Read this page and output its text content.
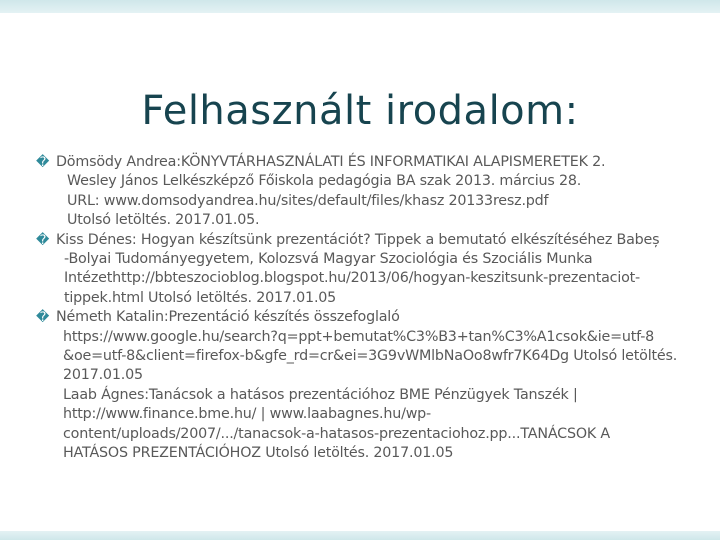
Felhasznált irodalom:
� Dömsödy Andrea:KÖNYVTÁRHASZNÁLATI ÉS INFORMATIKAI ALAPISMERETEK 2.
Wesley János Lelkészképző Főiskola pedagógia BA szak 2013. március 28.
URL: www.domsodyandrea.hu/sites/default/files/khasz 20133resz.pdf
Utolsó letöltés. 2017.01.05.
� Kiss Dénes: Hogyan készítsünk prezentációt? Tippek a bemutató elkészítéséhez Babeș
-Bolyai Tudományegyetem, Kolozsvá Magyar Szociológia és Szociális Munka
Intézethttp://bbteszocioblog.blogspot.hu/2013/06/hogyan-keszitsunk-prezentaciot-
tippek.html Utolsó letöltés. 2017.01.05
� Németh Katalin:Prezentáció készítés összefoglaló
https://www.google.hu/search?q=ppt+bemutat%C3%B3+tan%C3%A1csok&ie=utf-8
&oe=utf-8&client=firefox-b&gfe_rd=cr&ei=3G9vWMlbNaOo8wfr7K64Dg Utolsó letöltés.
2017.01.05
Laab Ágnes:Tanácsok a hatásos prezentációhoz BME Pénzügyek Tanszék |
http://www.finance.bme.hu/ | www.laabagnes.hu/wp-
content/uploads/2007/.../tanacsok-a-hatasos-prezentaciohoz.pp...TANÁCSOK A
HATÁSOS PREZENTÁCIÓHOZ Utolsó letöltés. 2017.01.05
